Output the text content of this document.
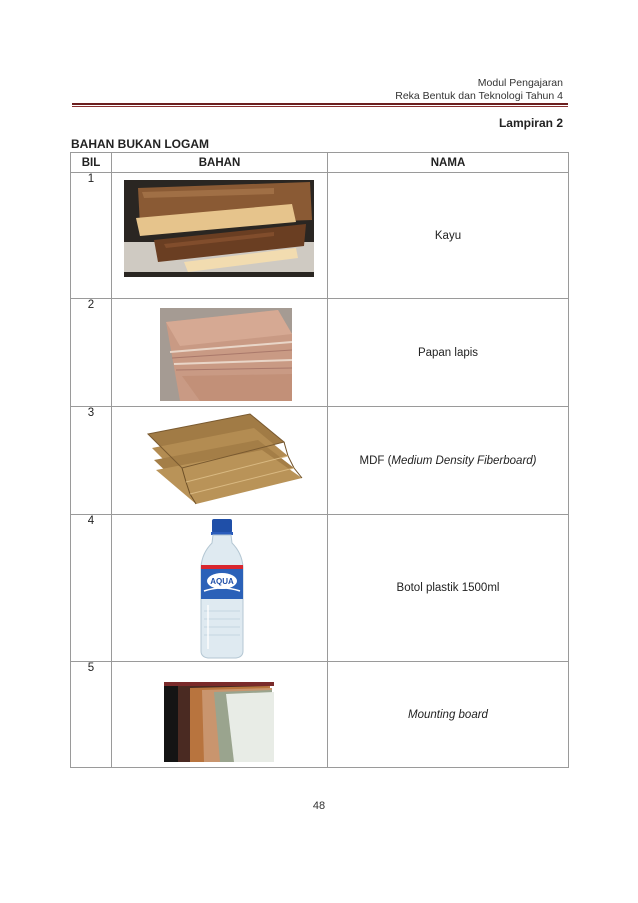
Modul Pengajaran
Reka Bentuk dan Teknologi Tahun 4
Lampiran 2
BAHAN BUKAN LOGAM
BIL	BAHAN	NAMA
1		Kayu
2		Papan lapis
3		MDF (Medium Density Fiberboard)
4	AQUA	Botol plastik 1500ml
5		Mounting board
48
